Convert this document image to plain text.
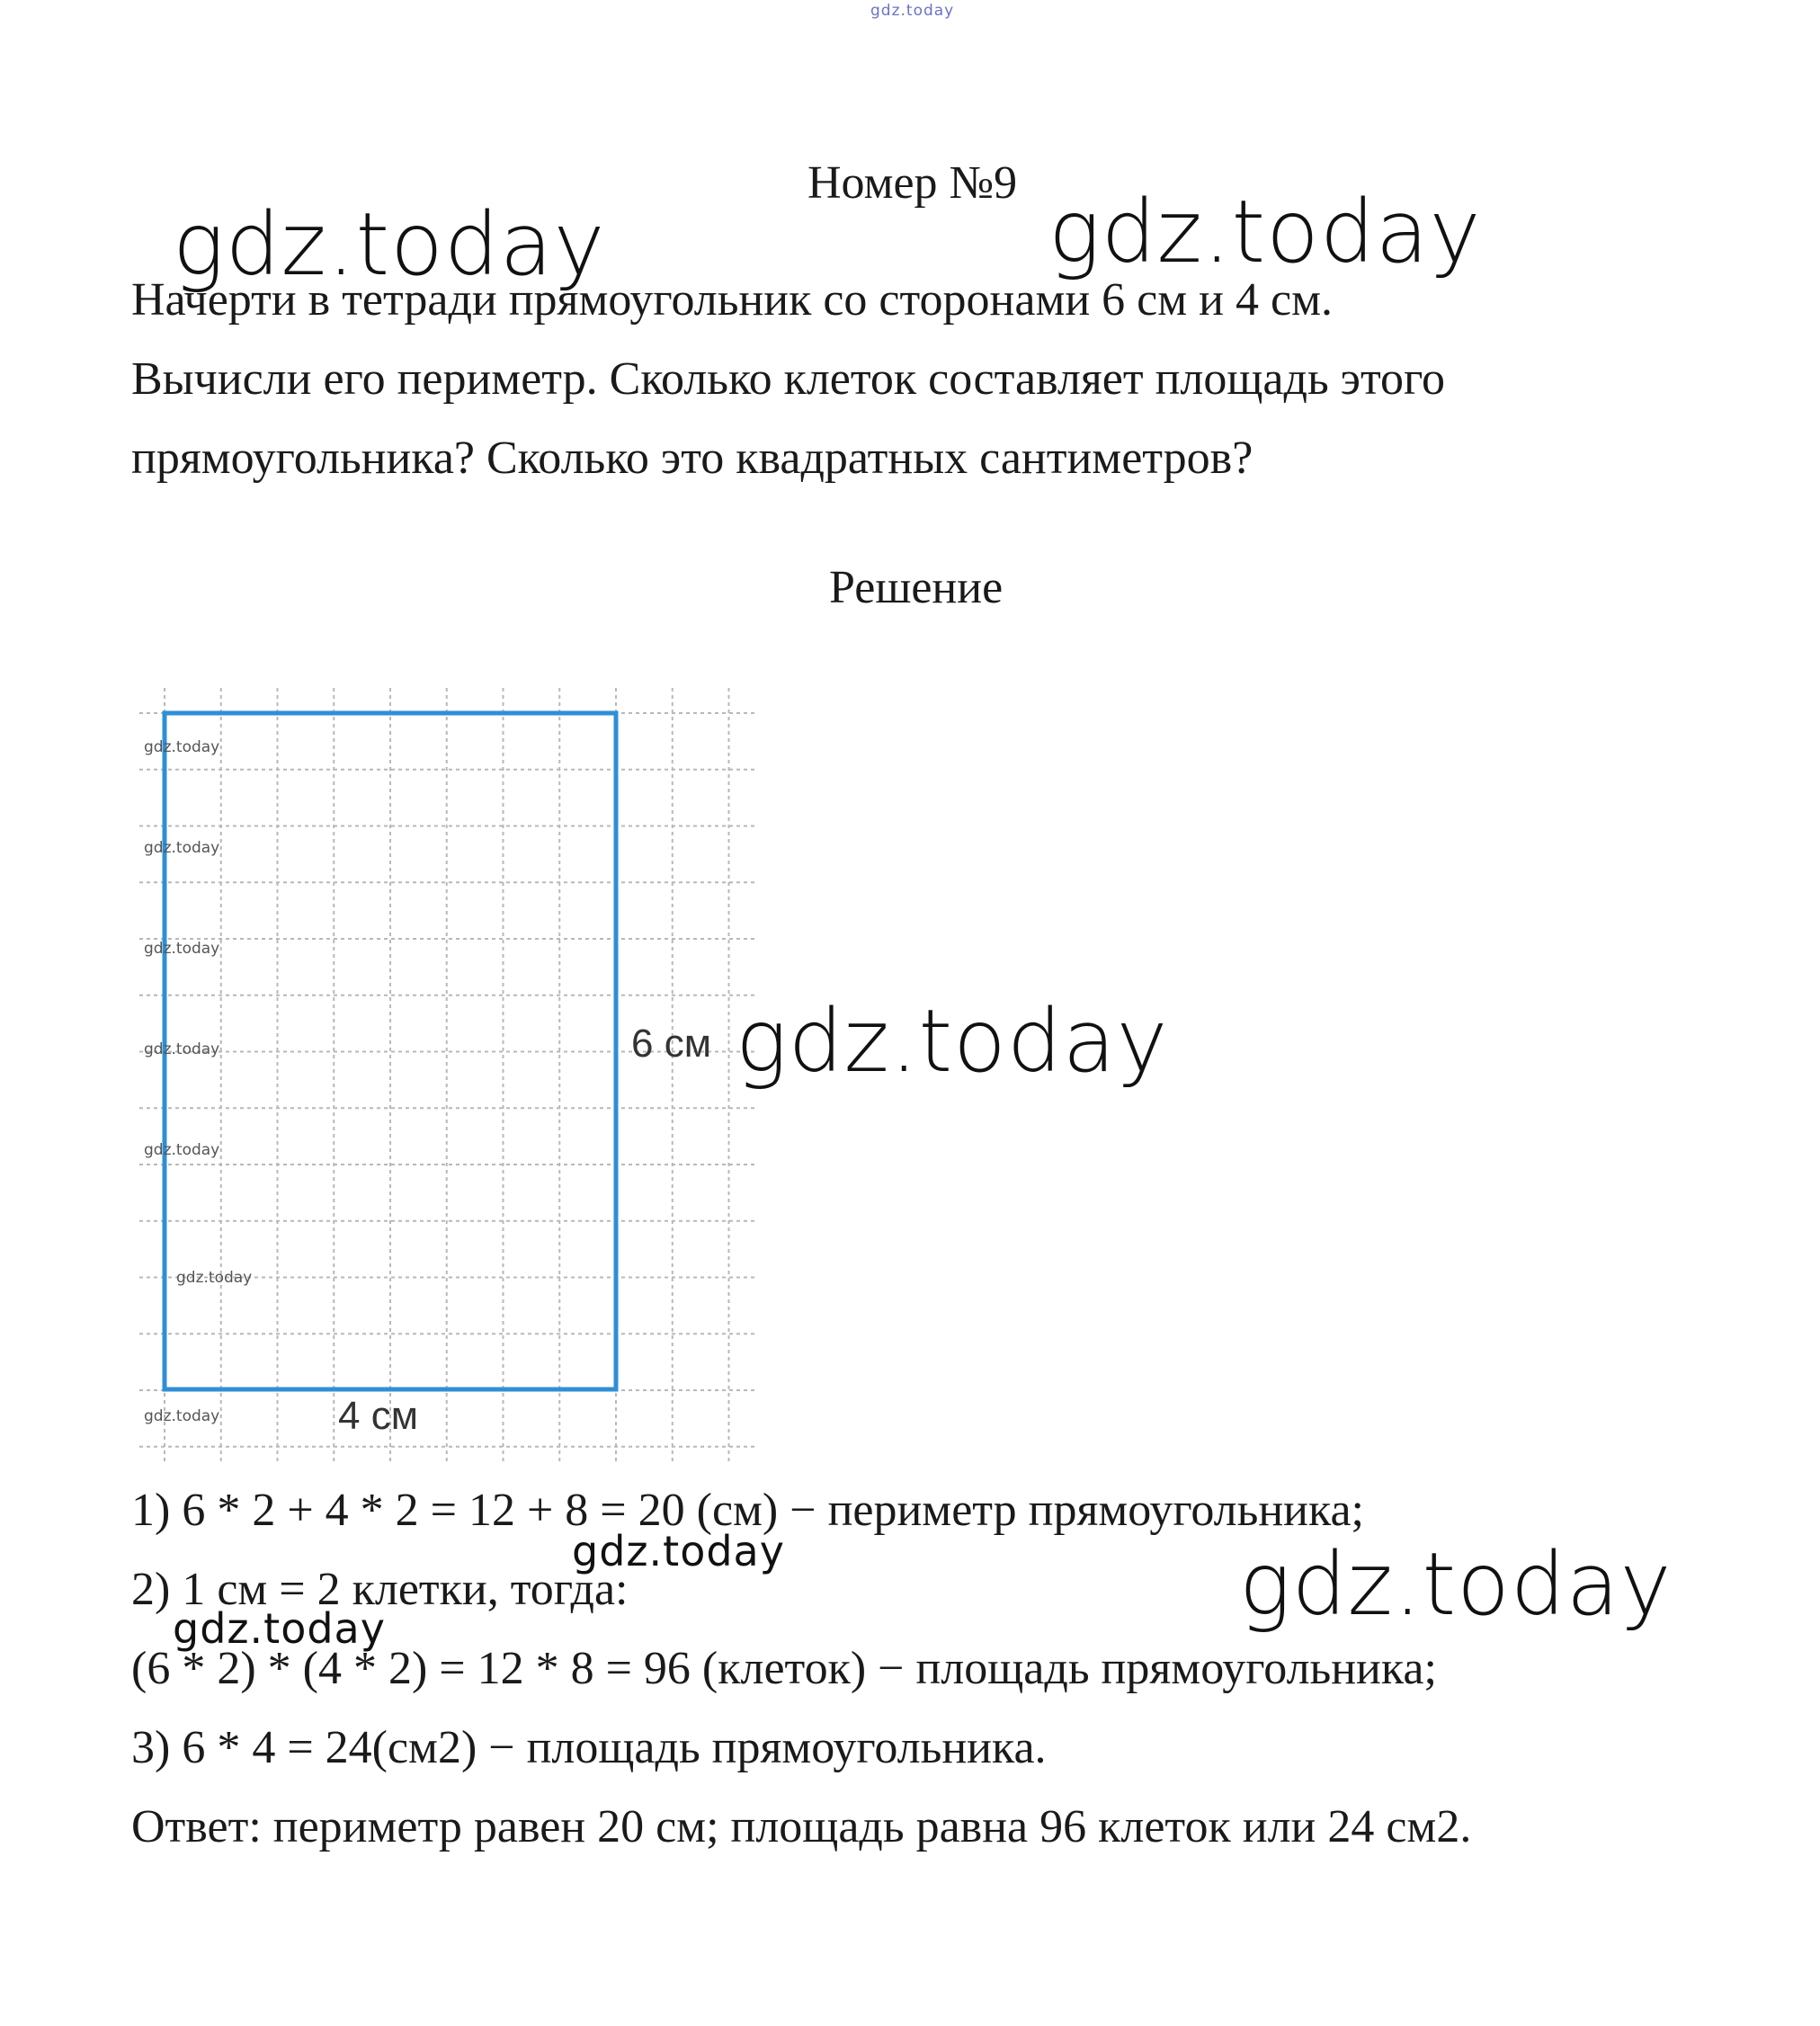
gdz.today
Номер №9
gdz.today	gdz.today
Начерти в тетради прямоугольник со сторонами 6 см и 4 см.
Вычисли его периметр. Сколько клеток составляет площадь этого
прямоугольника? Сколько это квадратных сантиметров?
Решение
gdz.today
gdz.today
gdz.today
gdz.today
gdz.today
gdz.today
gdz.today
6 см
4 см
gdz.today
1) 6 * 2 + 4 * 2 = 12 + 8 = 20 (см) − периметр прямоугольника;
2) 1 см = 2 клетки, тогда:
(6 * 2) * (4 * 2) = 12 * 8 = 96 (клеток) − площадь прямоугольника;
3) 6 * 4 = 24(см2) − площадь прямоугольника.
Ответ: периметр равен 20 см; площадь равна 96 клеток или 24 см2.
gdz.today
gdz.today	gdz.today
